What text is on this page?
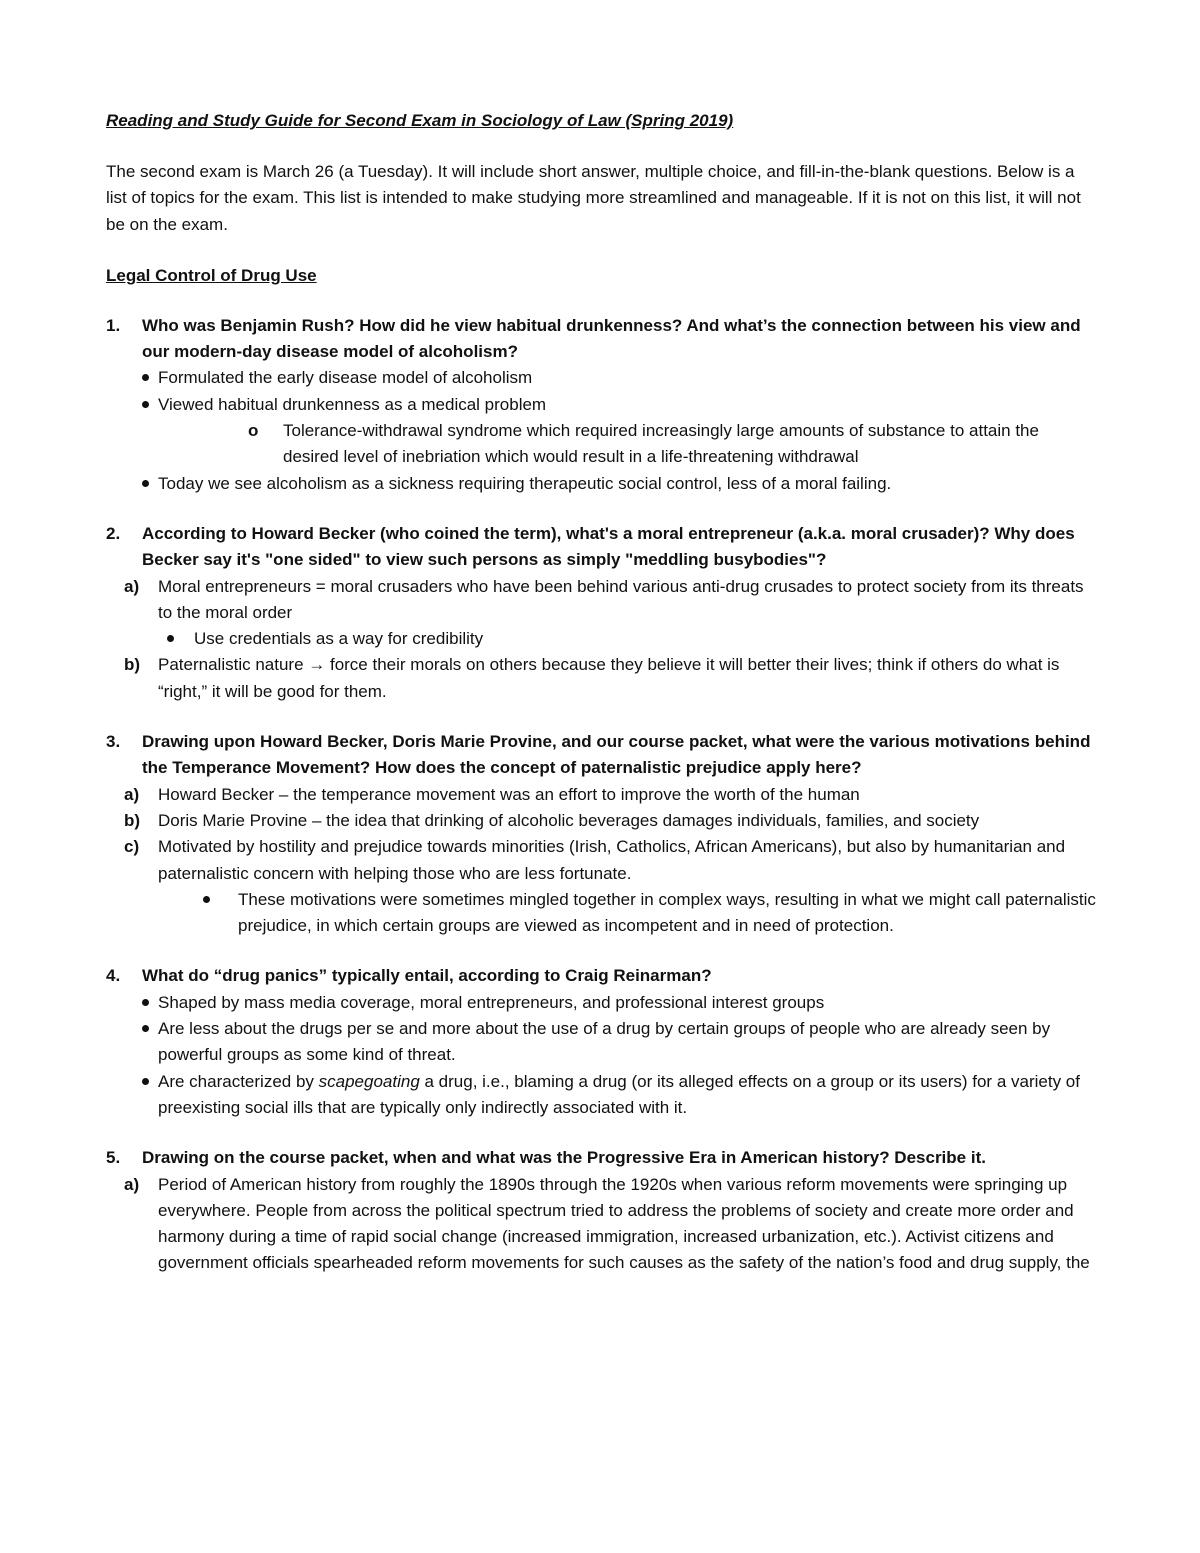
Reading and Study Guide for Second Exam in Sociology of Law (Spring 2019)

The second exam is March 26 (a Tuesday). It will include short answer, multiple choice, and fill-in-the-blank questions. Below is a list of topics for the exam. This list is intended to make studying more streamlined and manageable. If it is not on this list, it will not be on the exam.

Legal Control of Drug Use

1. Who was Benjamin Rush? How did he view habitual drunkenness? And what’s the connection between his view and our modern-day disease model of alcoholism?
Formulated the early disease model of alcoholism
Viewed habitual drunkenness as a medical problem
o Tolerance-withdrawal syndrome which required increasingly large amounts of substance to attain the desired level of inebriation which would result in a life-threatening withdrawal
Today we see alcoholism as a sickness requiring therapeutic social control, less of a moral failing.
2. According to Howard Becker (who coined the term), what's a moral entrepreneur (a.k.a. moral crusader)? Why does Becker say it's "one sided" to view such persons as simply "meddling busybodies"?
a) Moral entrepreneurs = moral crusaders who have been behind various anti-drug crusades to protect society from its threats to the moral order
Use credentials as a way for credibility
b) Paternalistic nature → force their morals on others because they believe it will better their lives; think if others do what is “right,” it will be good for them.
3. Drawing upon Howard Becker, Doris Marie Provine, and our course packet, what were the various motivations behind the Temperance Movement? How does the concept of paternalistic prejudice apply here?
a) Howard Becker – the temperance movement was an effort to improve the worth of the human
b) Doris Marie Provine – the idea that drinking of alcoholic beverages damages individuals, families, and society
c) Motivated by hostility and prejudice towards minorities (Irish, Catholics, African Americans), but also by humanitarian and paternalistic concern with helping those who are less fortunate.
These motivations were sometimes mingled together in complex ways, resulting in what we might call paternalistic prejudice, in which certain groups are viewed as incompetent and in need of protection.
4. What do “drug panics” typically entail, according to Craig Reinarman?
Shaped by mass media coverage, moral entrepreneurs, and professional interest groups
Are less about the drugs per se and more about the use of a drug by certain groups of people who are already seen by powerful groups as some kind of threat.
Are characterized by scapegoating a drug, i.e., blaming a drug (or its alleged effects on a group or its users) for a variety of preexisting social ills that are typically only indirectly associated with it.
5. Drawing on the course packet, when and what was the Progressive Era in American history? Describe it.
a) Period of American history from roughly the 1890s through the 1920s when various reform movements were springing up everywhere. People from across the political spectrum tried to address the problems of society and create more order and harmony during a time of rapid social change (increased immigration, increased urbanization, etc.). Activist citizens and government officials spearheaded reform movements for such causes as the safety of the nation’s food and drug supply, the
